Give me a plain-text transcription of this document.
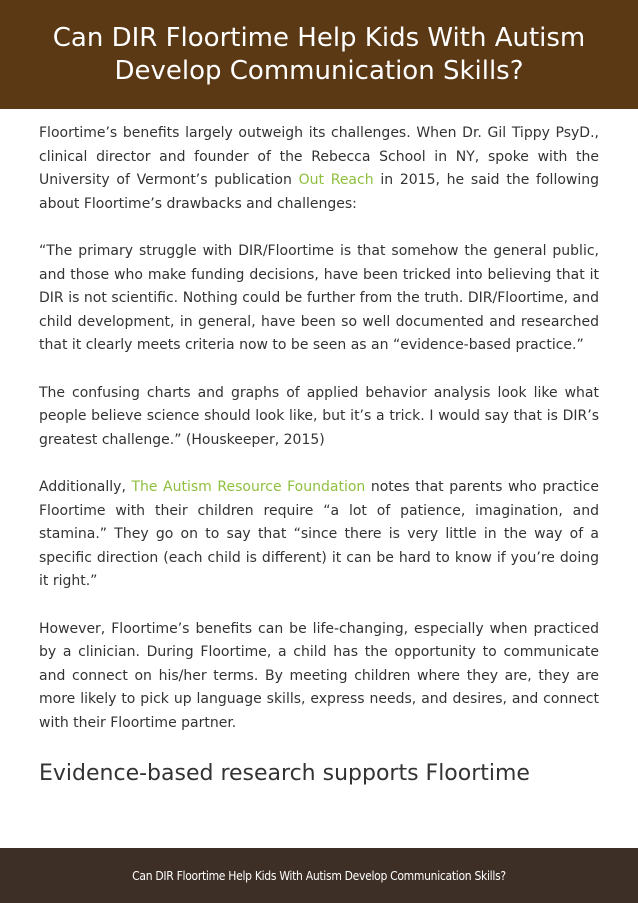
Can DIR Floortime Help Kids With Autism Develop Communication Skills?

Floortime’s benefits largely outweigh its challenges. When Dr. Gil Tippy PsyD., clinical director and founder of the Rebecca School in NY, spoke with the University of Vermont’s publication Out Reach in 2015, he said the following about Floortime’s drawbacks and challenges:

“The primary struggle with DIR/Floortime is that somehow the general public, and those who make funding decisions, have been tricked into believing that it DIR is not scientific. Nothing could be further from the truth. DIR/Floortime, and child development, in general, have been so well documented and researched that it clearly meets criteria now to be seen as an “evidence-based practice.”

The confusing charts and graphs of applied behavior analysis look like what people believe science should look like, but it’s a trick. I would say that is DIR’s greatest challenge.” (Houskeeper, 2015)

Additionally, The Autism Resource Foundation notes that parents who practice Floortime with their children require “a lot of patience, imagination, and stamina.” They go on to say that “since there is very little in the way of a specific direction (each child is different) it can be hard to know if you’re doing it right.”

However, Floortime’s benefits can be life-changing, especially when practiced by a clinician. During Floortime, a child has the opportunity to communicate and connect on his/her terms. By meeting children where they are, they are more likely to pick up language skills, express needs, and desires, and connect with their Floortime partner.

Evidence-based research supports Floortime
Can DIR Floortime Help Kids With Autism Develop Communication Skills?
